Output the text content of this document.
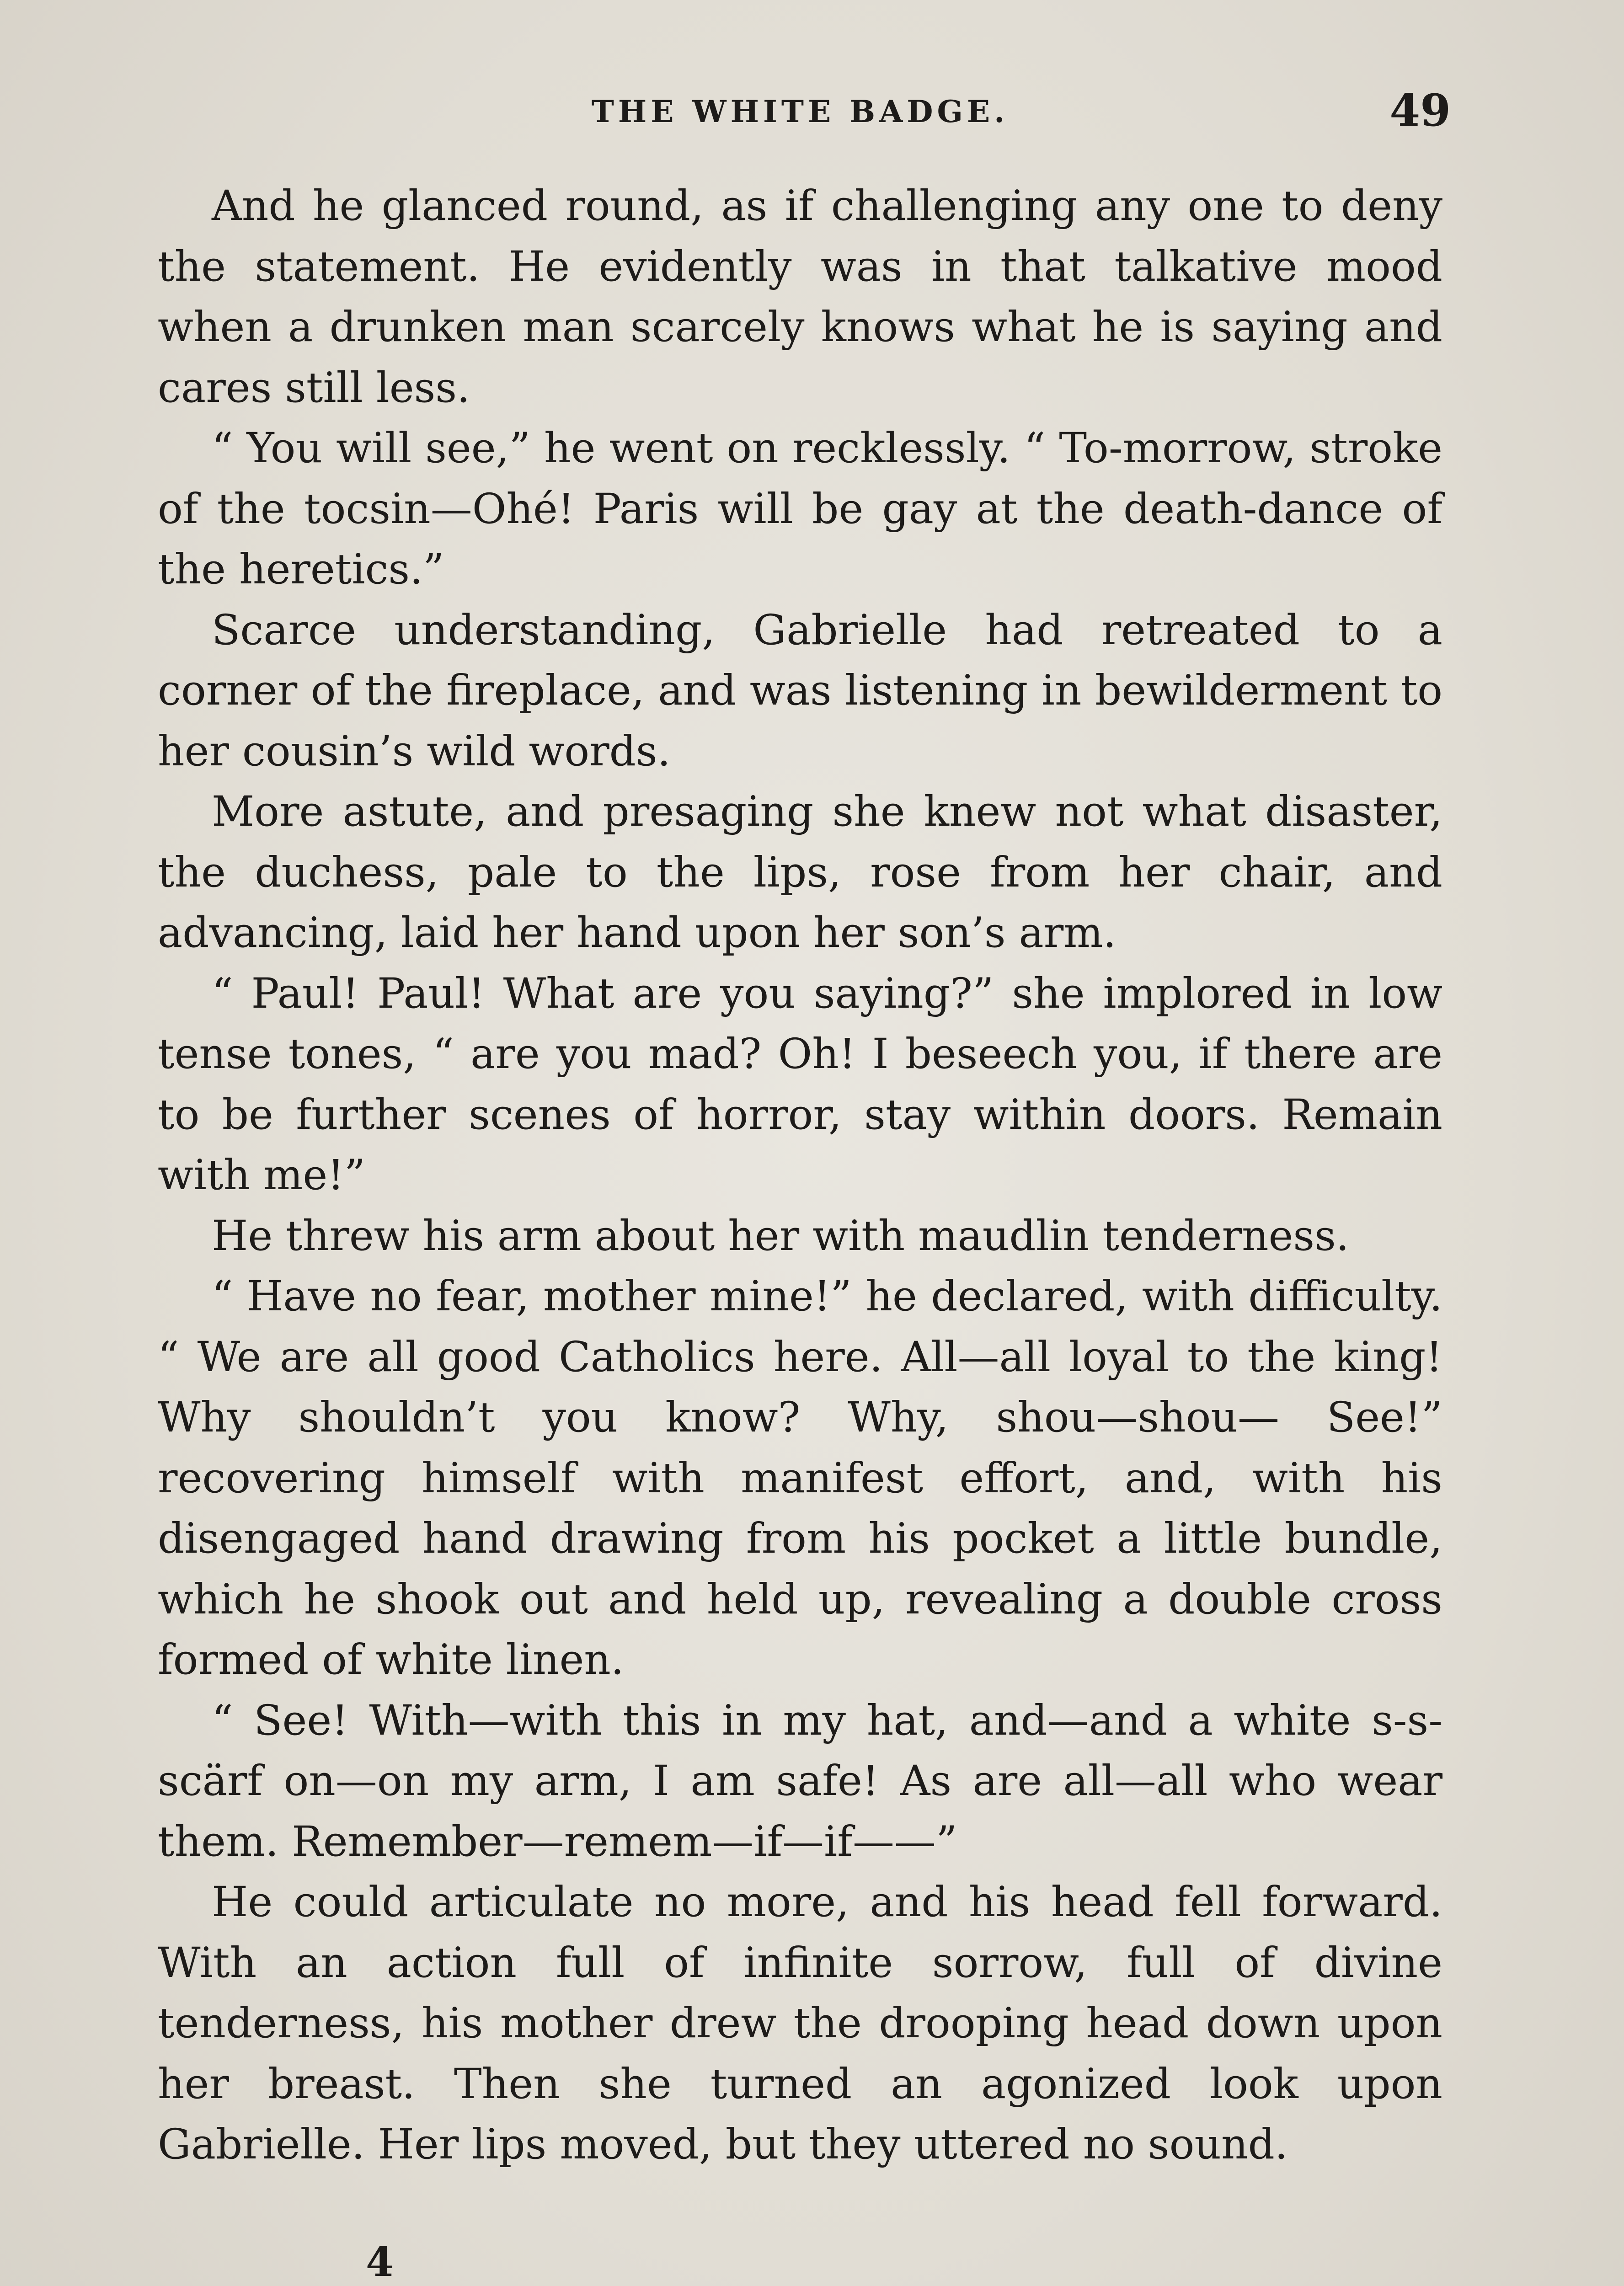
THE WHITE BADGE.	49

And he glanced round, as if challenging any one to deny the statement. He evidently was in that talkative mood when a drunken man scarcely knows what he is saying and cares still less.

“ You will see,” he went on recklessly. “ To-morrow, stroke of the tocsin—Ohé! Paris will be gay at the death-dance of the heretics.”

Scarce understanding, Gabrielle had retreated to a corner of the fireplace, and was listening in bewilderment to her cousin’s wild words.

More astute, and presaging she knew not what disaster, the duchess, pale to the lips, rose from her chair, and advancing, laid her hand upon her son’s arm.

“ Paul! Paul! What are you saying?” she implored in low tense tones, “ are you mad? Oh! I beseech you, if there are to be further scenes of horror, stay within doors. Remain with me!”

He threw his arm about her with maudlin tenderness.

“ Have no fear, mother mine!” he declared, with difficulty. “ We are all good Catholics here. All—all loyal to the king! Why shouldn’t you know? Why, shou—shou— See!” recovering himself with manifest effort, and, with his disengaged hand drawing from his pocket a little bundle, which he shook out and held up, revealing a double cross formed of white linen.

“ See! With—with this in my hat, and—and a white s-s-scärf on—on my arm, I am safe! As are all—all who wear them. Remember—remem—if—if——”

He could articulate no more, and his head fell forward. With an action full of infinite sorrow, full of divine tenderness, his mother drew the drooping head down upon her breast. Then she turned an agonized look upon Gabrielle. Her lips moved, but they uttered no sound.

4
